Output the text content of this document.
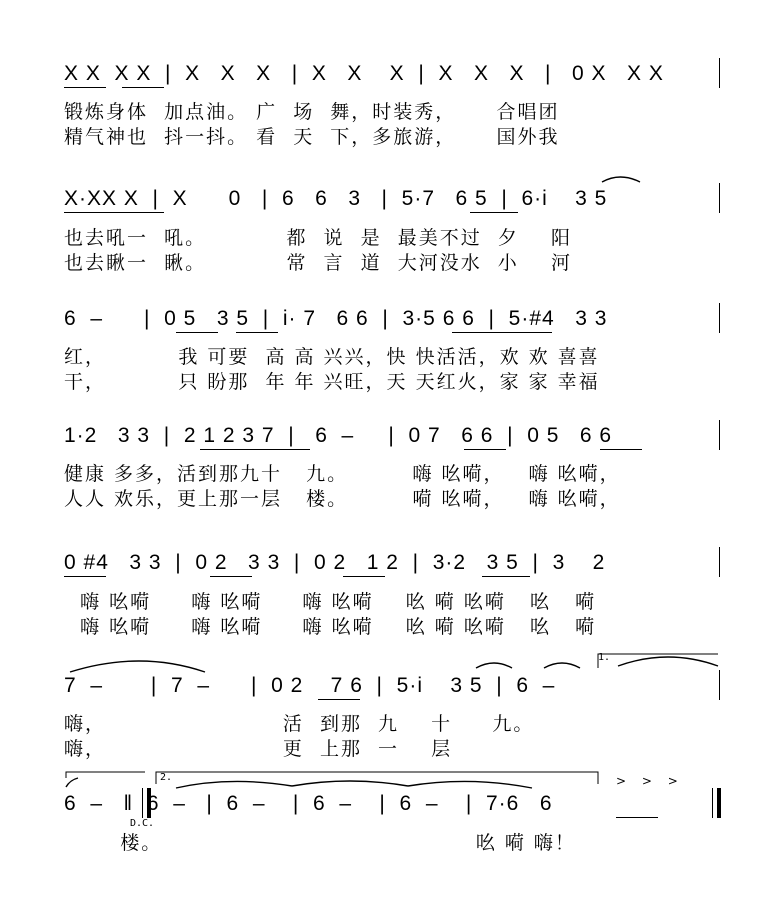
X X  X X  |  X   X   X   |  X   X    X  |  X   X   X   |   0 X   X X
锻炼身体  加点油。 广  场  舞，时装秀，     合唱团
精气神也  抖一抖。 看  天  下，多旅游，     国外我
X·XX X  |  X      0   |  6   6   3   |  5·7   6 5  |  6·i    3 5
也去吼一  吼。          都  说  是  最美不过  夕    阳
也去瞅一  瞅。          常  言  道  大河没水  小    河
6  –      |  0 5   3 5  |  i· 7   6 6  |  3·5 6 6  |  5·#4   3 3
红，         我 可要  高 高 兴兴，快 快活活，欢 欢 喜喜
干，         只 盼那  年 年 兴旺，天 天红火，家 家 幸福
1·2   3 3  |  2 1 2 3 7  |   6  –     |  0 7   6 6  |  0 5   6 6
健康 多多，活到那九十   九。        嗨 吆嗬，   嗨 吆嗬，
人人 欢乐，更上那一层   楼。        嗬 吆嗬，   嗨 吆嗬，
0 #4   3 3  |  0 2   3 3  |  0 2   1 2  |  3·2   3 5  |  3    2
嗨 吆嗬     嗨 吆嗬     嗨 吆嗬    吆 嗬 吆嗬   吆   嗬
嗨 吆嗬     嗨 吆嗬     嗨 吆嗬    吆 嗬 吆嗬   吆   嗬
7  –       |  7  –      |  0 2    7 6  |  5·i    3 5  |  6  –
嗨，                      活  到那  九    十     九。
嗨，                      更  上那  一    层
6  –   ‖  6  –   |  6  –    |  6  –    |  6  –    |  7·6   6
楼。                                       吆 嗬 嗨！
D.C.
1.
2.	> > >
